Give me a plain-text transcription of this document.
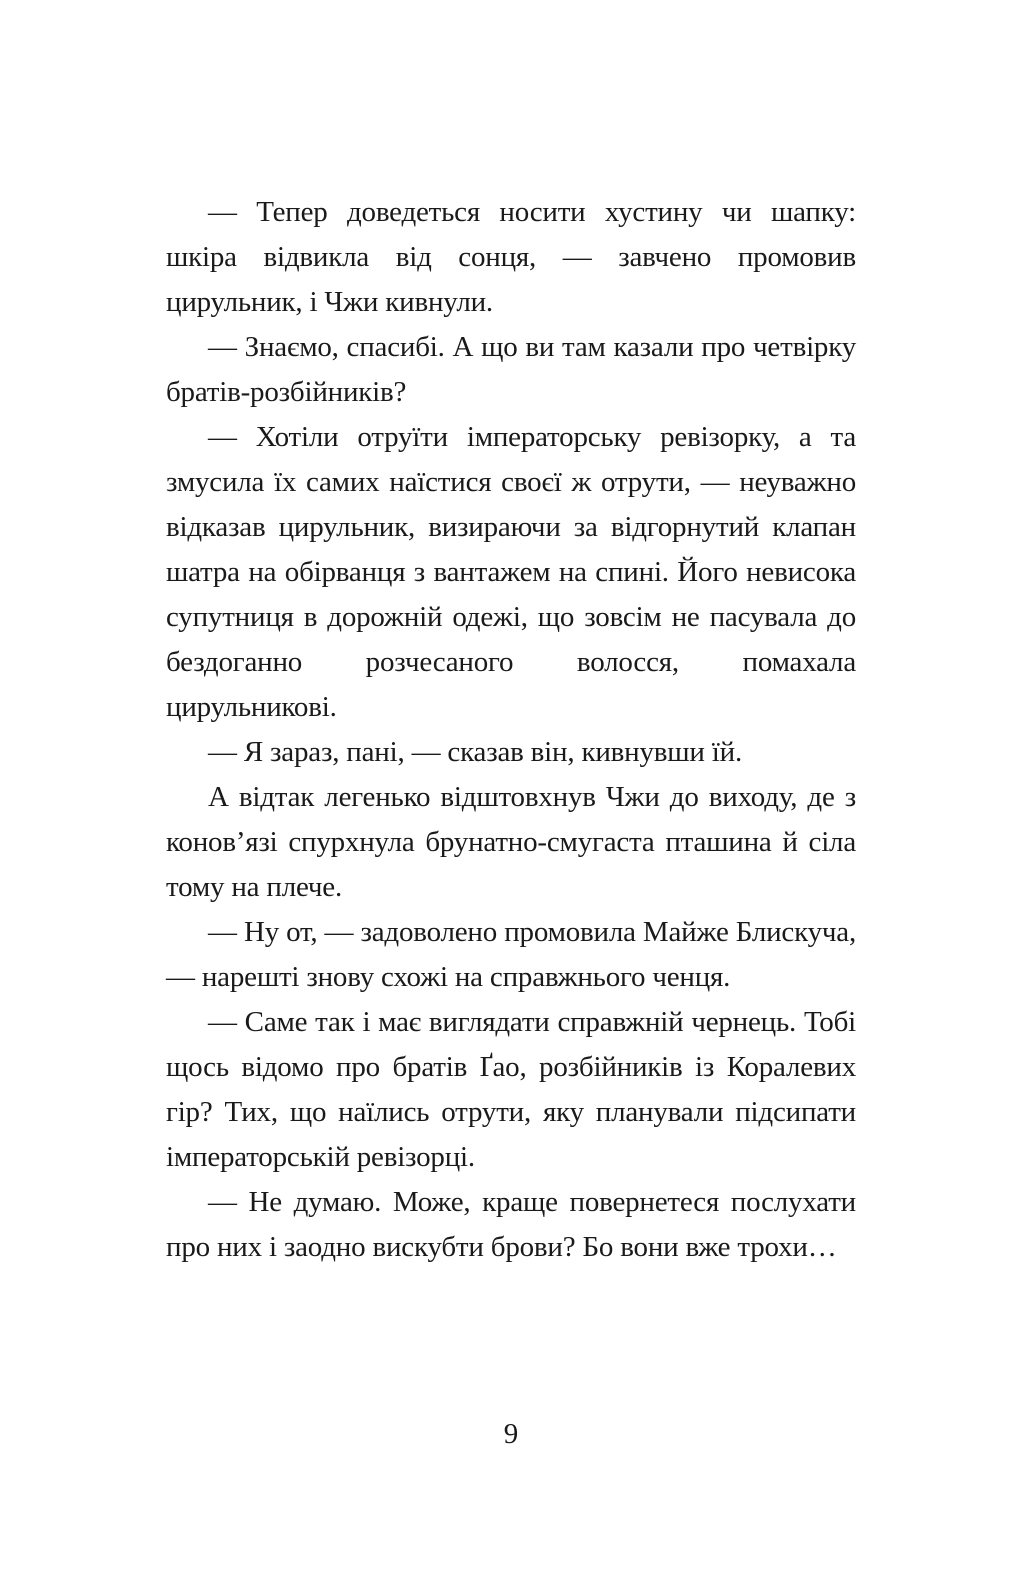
— Тепер доведеться носити хустину чи шапку: шкіра відвикла від сонця, — завчено промовив цирульник, і Чжи кивнули.

— Знаємо, спасибі. А що ви там казали про четвірку братів-розбійників?

— Хотіли отруїти імператорську ревізорку, а та змусила їх самих наїстися своєї ж отрути, — неуважно відказав цирульник, визираючи за відгорнутий клапан шатра на обірванця з вантажем на спині. Його невисока супутниця в дорожній одежі, що зовсім не пасувала до бездоганно розчесаного волосся, помахала цирульникові.

— Я зараз, пані, — сказав він, кивнувши їй.

А відтак легенько відштовхнув Чжи до виходу, де з конов’язі спурхнула брунатно-смугаста пташина й сіла тому на плече.

— Ну от, — задоволено промовила Майже Блискуча, — нарешті знову схожі на справжнього ченця.

— Саме так і має виглядати справжній чернець. Тобі щось відомо про братів Ґао, розбійників із Коралевих гір? Тих, що наїлись отрути, яку планували підсипати імператорській ревізорці.

— Не думаю. Може, краще повернетеся послухати про них і заодно вискубти брови? Бо вони вже трохи…

9
